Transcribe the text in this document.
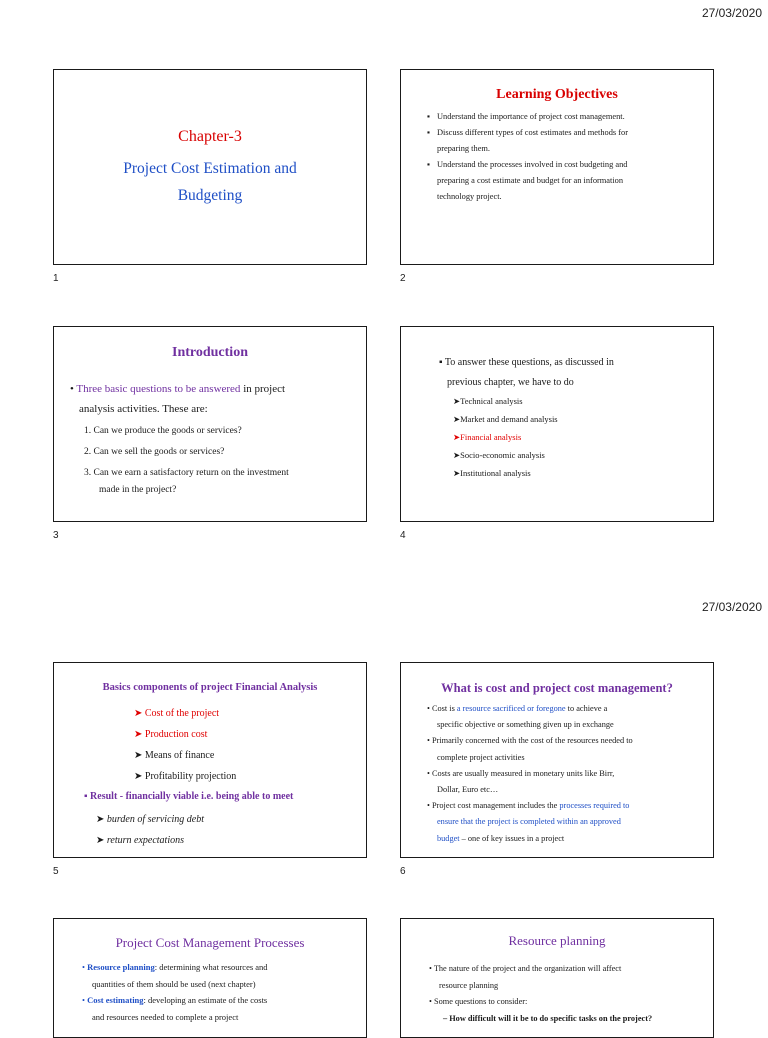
27/03/2020
Chapter-3
Project Cost Estimation and
Budgeting
1
Learning Objectives
▪ Understand the importance of project cost management.
▪ Discuss different types of cost estimates and methods for
preparing them.
▪ Understand the processes involved in cost budgeting and
preparing a cost estimate and budget for an information
technology project.
2
Introduction
• Three basic questions to be answered in project
analysis activities. These are:
1. Can we produce the goods or services?
2. Can we sell the goods or services?
3. Can we earn a satisfactory return on the investment
made in the project?
3
▪ To answer these questions, as discussed in
previous chapter, we have to do
➤Technical analysis
➤Market and demand analysis
➤Financial analysis
➤Socio-economic analysis
➤Institutional analysis
4
27/03/2020
Basics components of project Financial Analysis
➤ Cost of the project
➤ Production cost
➤ Means of finance
➤ Profitability projection
▪ Result - financially viable i.e. being able to meet
➤ burden of servicing debt
➤ return expectations
5
What is cost and project cost management?
• Cost is a resource sacrificed or foregone to achieve a
specific objective or something given up in exchange
• Primarily concerned with the cost of the resources needed to
complete project activities
• Costs are usually measured in monetary units like Birr,
Dollar, Euro etc…
• Project cost management includes the processes required to
ensure that the project is completed within an approved
budget – one of key issues in a project
6
Project Cost Management Processes
• Resource planning: determining what resources and
quantities of them should be used (next chapter)
• Cost estimating: developing an estimate of the costs
and resources needed to complete a project
Resource planning
• The nature of the project and the organization will affect
resource planning
• Some questions to consider:
– How difficult will it be to do specific tasks on the project?
